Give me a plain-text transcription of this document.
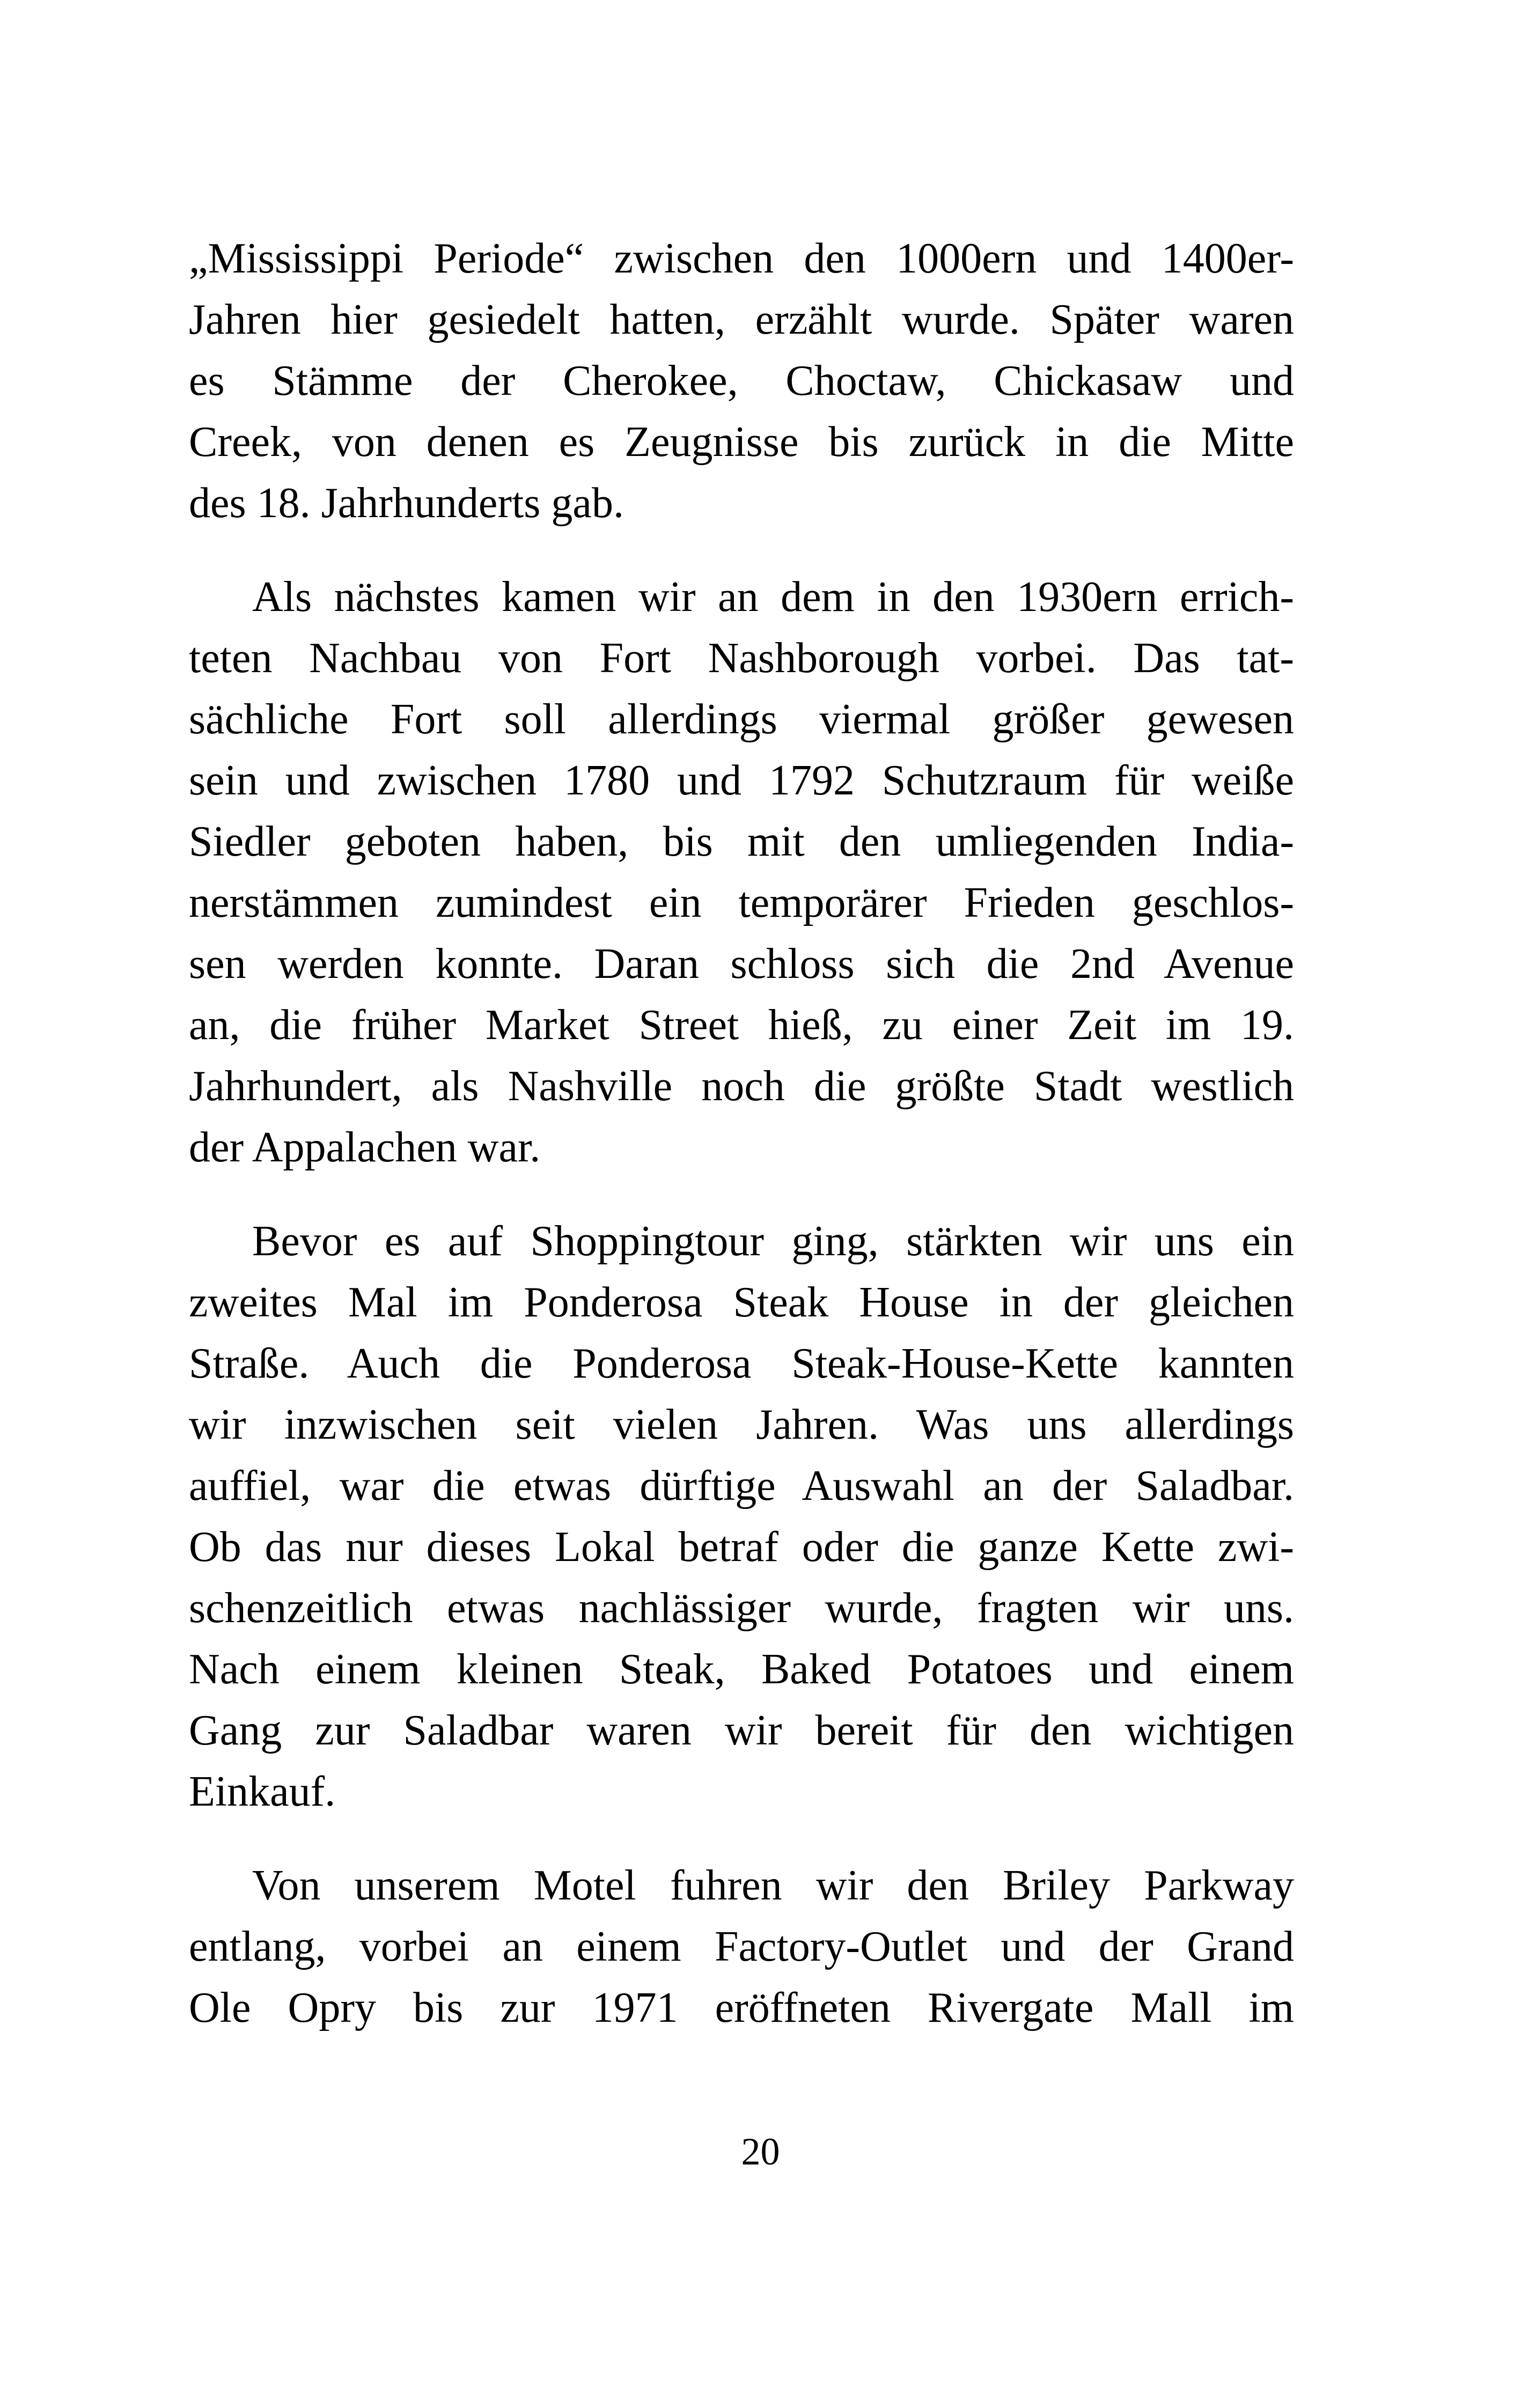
„Mississippi Periode“ zwischen den 1000ern und 1400er-
Jahren hier gesiedelt hatten, erzählt wurde. Später waren
es Stämme der Cherokee, Choctaw, Chickasaw und
Creek, von denen es Zeugnisse bis zurück in die Mitte
des 18. Jahrhunderts gab.
Als nächstes kamen wir an dem in den 1930ern errich-
teten Nachbau von Fort Nashborough vorbei. Das tat-
sächliche Fort soll allerdings viermal größer gewesen
sein und zwischen 1780 und 1792 Schutzraum für weiße
Siedler geboten haben, bis mit den umliegenden India-
nerstämmen zumindest ein temporärer Frieden geschlos-
sen werden konnte. Daran schloss sich die 2nd Avenue
an, die früher Market Street hieß, zu einer Zeit im 19.
Jahrhundert, als Nashville noch die größte Stadt westlich
der Appalachen war.
Bevor es auf Shoppingtour ging, stärkten wir uns ein
zweites Mal im Ponderosa Steak House in der gleichen
Straße. Auch die Ponderosa Steak-House-Kette kannten
wir inzwischen seit vielen Jahren. Was uns allerdings
auffiel, war die etwas dürftige Auswahl an der Saladbar.
Ob das nur dieses Lokal betraf oder die ganze Kette zwi-
schenzeitlich etwas nachlässiger wurde, fragten wir uns.
Nach einem kleinen Steak, Baked Potatoes und einem
Gang zur Saladbar waren wir bereit für den wichtigen
Einkauf.
Von unserem Motel fuhren wir den Briley Parkway
entlang, vorbei an einem Factory-Outlet und der Grand
Ole Opry bis zur 1971 eröffneten Rivergate Mall im
20
